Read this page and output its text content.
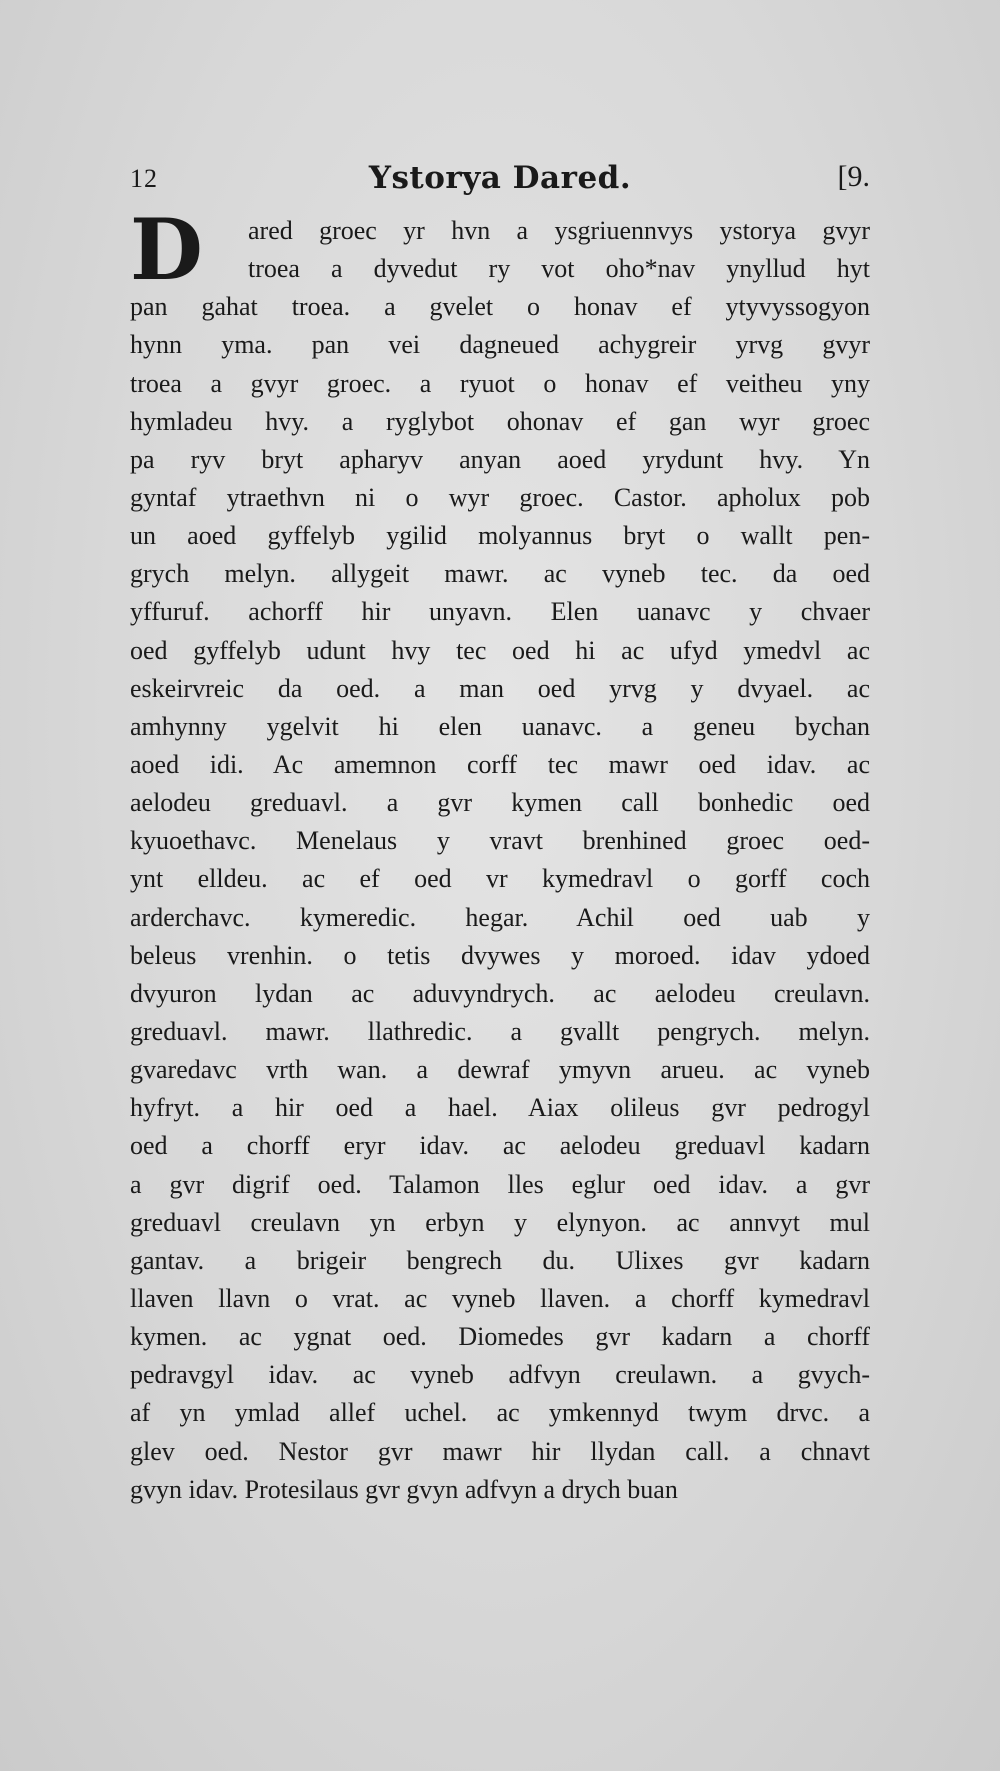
12	Ystorya Dared.	[9.
D	ared groec yr hvn a ysgriuennvys ystorya gvyr
troea a dyvedut ry vot oho*nav ynyllud hyt
pan gahat troea. a gvelet o honav ef ytyvyssogyon
hynn yma. pan vei dagneued achygreir yrvg gvyr
troea a gvyr groec. a ryuot o honav ef veitheu yny
hymladeu hvy. a ryglybot ohonav ef gan wyr groec
pa ryv bryt apharyv anyan aoed yrydunt hvy. Yn
gyntaf ytraethvn ni o wyr groec. Castor. apholux pob
un aoed gyffelyb ygilid molyannus bryt o wallt pen-
grych melyn. allygeit mawr. ac vyneb tec. da oed
yffuruf. achorff hir unyavn. Elen uanavc y chvaer
oed gyffelyb udunt hvy tec oed hi ac ufyd ymedvl ac
eskeirvreic da oed. a man oed yrvg y dvyael. ac
amhynny ygelvit hi elen uanavc. a geneu bychan
aoed idi. Ac amemnon corff tec mawr oed idav. ac
aelodeu greduavl. a gvr kymen call bonhedic oed
kyuoethavc. Menelaus y vravt brenhined groec oed-
ynt elldeu. ac ef oed vr kymedravl o gorff coch
arderchavc. kymeredic. hegar. Achil oed uab y
beleus vrenhin. o tetis dvywes y moroed. idav ydoed
dvyuron lydan ac aduvyndrych. ac aelodeu creulavn.
greduavl. mawr. llathredic. a gvallt pengrych. melyn.
gvaredavc vrth wan. a dewraf ymyvn arueu. ac vyneb
hyfryt. a hir oed a hael. Aiax olileus gvr pedrogyl
oed a chorff eryr idav. ac aelodeu greduavl kadarn
a gvr digrif oed. Talamon lles eglur oed idav. a gvr
greduavl creulavn yn erbyn y elynyon. ac annvyt mul
gantav. a brigeir bengrech du. Ulixes gvr kadarn
llaven llavn o vrat. ac vyneb llaven. a chorff kymedravl
kymen. ac ygnat oed. Diomedes gvr kadarn a chorff
pedravgyl idav. ac vyneb adfvyn creulawn. a gvych-
af yn ymlad allef uchel. ac ymkennyd twym drvc. a
glev oed. Nestor gvr mawr hir llydan call. a chnavt
gvyn idav. Protesilaus gvr gvyn adfvyn a drych buan
